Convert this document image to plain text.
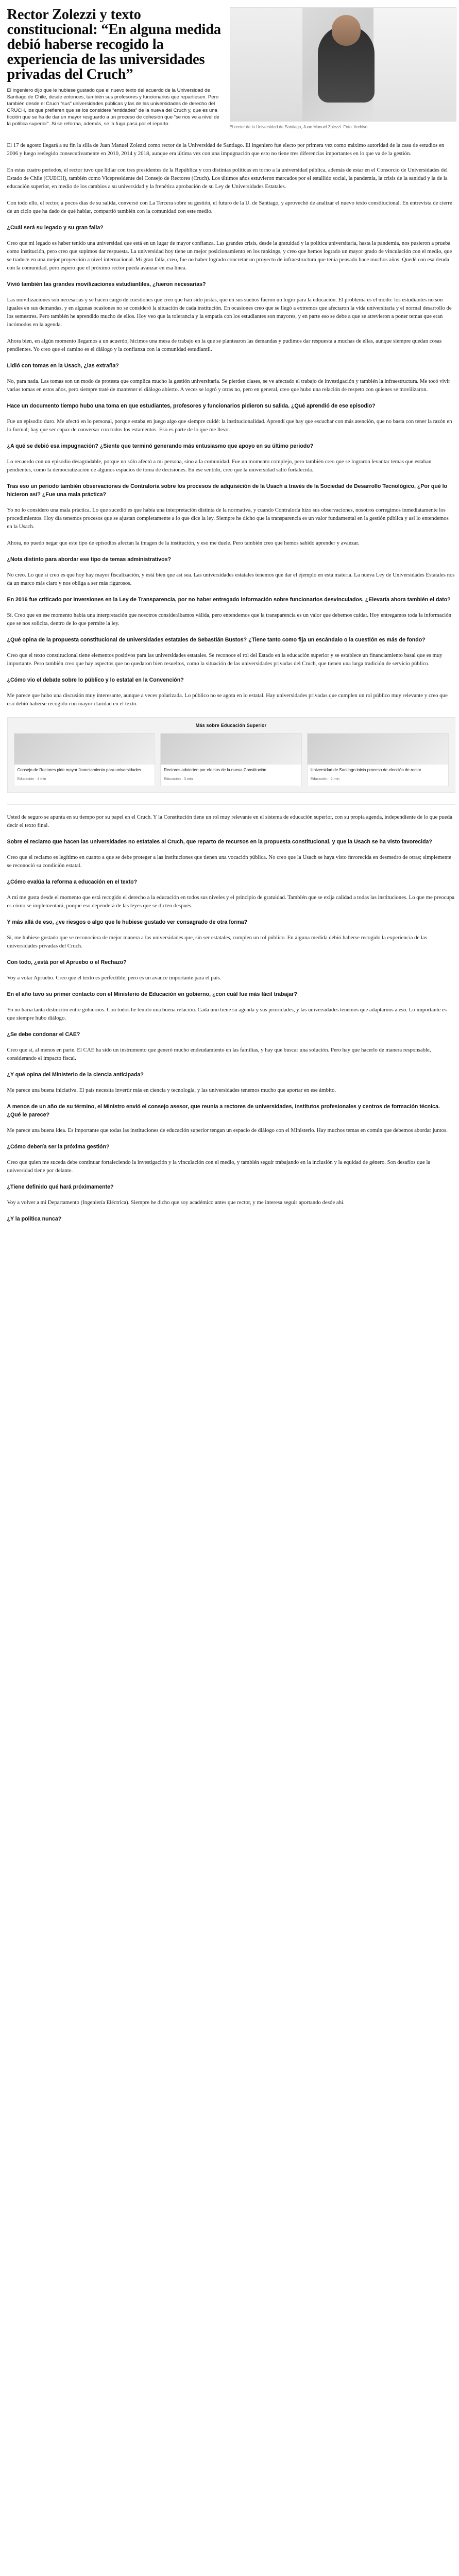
Rector Zolezzi y texto constitucional: “En alguna medida debió haberse recogido la experiencia de las universidades privadas del Cruch”
El ingeniero dijo que le hubiese gustado que el nuevo texto del acuerdo de la Universidad de Santiago de Chile, desde entonces, también sus profesores y funcionarios que repartiesen. Pero también desde el Cruch “sus” universidades públicas y las de las universidades de derecho del CRUCH, los que prefieren que se los considere “entidades” de la nueva del Cruch y, que es una ficción que se ha de dar un mayor resguardo a un proceso de cohesión que “se nos ve a nivel de la política superior”. Si se reforma, además, se la fuga pasa por el reparto.
El rector de la Universidad de Santiago, Juan Manuel Zolezzi. Foto: Archivo
El 17 de agosto llegará a su fin la silla de Juan Manuel Zolezzi como rector de la Universidad de Santiago. El ingeniero fue electo por primera vez como máximo autoridad de la casa de estudios en 2006 y luego reelegido consecutivamente en 2010, 2014 y 2018, aunque era última vez con una impugnación que esto no tiene tres diferencias importantes en lo que va de la gestión.
En estas cuatro periodos, el rector tuvo que lidiar con tres presidentes de la República y con distintas políticas en torno a la universidad pública, además de estar en el Consorcio de Universidades del Estado de Chile (CUECH), también como Vicepresidente del Consejo de Rectores (Cruch). Los últimos años estuvieron marcados por el estallido social, la pandemia, la crisis de la sanidad y la de la educación superior, en medio de los cambios a su universidad y la frenética aprobación de su Ley de Universidades Estatales.
Con todo ello, el rector, a pocos días de su salida, conversó con La Tercera sobre su gestión, el futuro de la U. de Santiago, y aprovechó de analizar el nuevo texto constitucional. En entrevista de cierre de un ciclo que ha dado de qué hablar, compartió también con la comunidad con este medio.
¿Cuál será su legado y su gran falla?
Creo que mi legado es haber tenido una universidad que está en un lugar de mayor confianza. Las grandes crisis, desde la gratuidad y la política universitaria, hasta la pandemia, nos pusieron a prueba como institución, pero creo que supimos dar respuesta. La universidad hoy tiene un mejor posicionamiento en los rankings, y creo que hemos logrado un mayor grado de vinculación con el medio, que se traduce en una mejor proyección a nivel internacional. Mi gran falla, creo, fue no haber logrado concretar un proyecto de infraestructura que tenía pensado hace muchos años. Quedé con esa deuda con la comunidad, pero espero que el próximo rector pueda avanzar en esa línea.
Vivió también las grandes movilizaciones estudiantiles, ¿fueron necesarias?
Las movilizaciones son necesarias y se hacen cargo de cuestiones que creo que han sido justas, que en sus sueños fueron un logro para la educación. El problema es el modo: los estudiantes no son iguales en sus demandas, y en algunas ocasiones no se consideró la situación de cada institución. En ocasiones creo que se llegó a extremos que afectaron la vida universitaria y el normal desarrollo de los semestres. Pero también he aprendido mucho de ellos. Hoy veo que la tolerancia y la empatía con los estudiantes son mayores, y en parte eso se debe a que se atrevieron a poner temas que eran incómodos en la agenda.
Ahora bien, en algún momento llegamos a un acuerdo; hicimos una mesa de trabajo en la que se plantearon las demandas y pudimos dar respuesta a muchas de ellas, aunque siempre quedan cosas pendientes. Yo creo que el camino es el diálogo y la confianza con la comunidad estudiantil.
Lidió con tomas en la Usach, ¿las extraña?
No, para nada. Las tomas son un modo de protesta que complica mucho la gestión universitaria. Se pierden clases, se ve afectado el trabajo de investigación y también la infraestructura. Me tocó vivir varias tomas en estos años, pero siempre traté de mantener el diálogo abierto. A veces se logró y otras no, pero en general, creo que hubo una relación de respeto con quienes se movilizaron.
Hace un documento tiempo hubo una toma en que estudiantes, profesores y funcionarios pidieron su salida. ¿Qué aprendió de ese episodio?
Fue un episodio duro. Me afectó en lo personal, porque estaba en juego algo que siempre cuidé: la institucionalidad. Aprendí que hay que escuchar con más atención, que no basta con tener la razón en lo formal; hay que ser capaz de conversar con todos los estamentos. Eso es parte de lo que me llevo.
¿A qué se debió esa impugnación? ¿Siente que terminó generando más entusiasmo que apoyo en su último periodo?
Lo recuerdo con un episodio desagradable, porque no sólo afectó a mi persona, sino a la comunidad. Fue un momento complejo, pero también creo que se lograron levantar temas que estaban pendientes, como la democratización de algunos espacios de toma de decisiones. En ese sentido, creo que la universidad salió fortalecida.
Tras eso un periodo también observaciones de Contraloría sobre los procesos de adquisición de la Usach a través de la Sociedad de Desarrollo Tecnológico, ¿Por qué lo hicieron así? ¿Fue una mala práctica?
Yo no lo considero una mala práctica. Lo que sucedió es que había una interpretación distinta de la normativa, y cuando Contraloría hizo sus observaciones, nosotros corregimos inmediatamente los procedimientos. Hoy día tenemos procesos que se ajustan completamente a lo que dice la ley. Siempre he dicho que la transparencia es un valor fundamental en la gestión pública y así lo entendemos en la Usach.
Ahora, no puedo negar que este tipo de episodios afectan la imagen de la institución, y eso me duele. Pero también creo que hemos sabido aprender y avanzar.
¿Nota distinto para abordar ese tipo de temas administrativos?
No creo. Lo que sí creo es que hoy hay mayor fiscalización, y está bien que así sea. Las universidades estatales tenemos que dar el ejemplo en esta materia. La nueva Ley de Universidades Estatales nos da un marco más claro y nos obliga a ser más rigurosos.
En 2016 fue criticado por inversiones en la Ley de Transparencia, por no haber entregado información sobre funcionarios desvinculados. ¿Elevaría ahora también el dato?
Sí. Creo que en ese momento había una interpretación que nosotros considerábamos válida, pero entendemos que la transparencia es un valor que debemos cuidar. Hoy entregamos toda la información que se nos solicita, dentro de lo que permite la ley.
¿Qué opina de la propuesta constitucional de universidades estatales de Sebastián Bustos? ¿Tiene tanto como fija un escándalo o la cuestión es más de fondo?
Creo que el texto constitucional tiene elementos positivos para las universidades estatales. Se reconoce el rol del Estado en la educación superior y se establece un financiamiento basal que es muy importante. Pero también creo que hay aspectos que no quedaron bien resueltos, como la situación de las universidades privadas del Cruch, que tienen una larga tradición de servicio público.
¿Cómo vio el debate sobre lo público y lo estatal en la Convención?
Me parece que hubo una discusión muy interesante, aunque a veces polarizada. Lo público no se agota en lo estatal. Hay universidades privadas que cumplen un rol público muy relevante y creo que eso debió haberse recogido con mayor claridad en el texto.
Más sobre Educación Superior
Consejo de Rectores pide mayor financiamiento para universidades
Educación · 4 min
Rectores advierten por efectos de la nueva Constitución
Educación · 3 min
Universidad de Santiago inicia proceso de elección de rector
Educación · 2 min
Usted de seguro se apunta en su tiempo por su papel en el Cruch. Y la Constitución tiene un rol muy relevante en el sistema de educación superior, con su propia agenda, independiente de lo que pueda decir el texto final.
Sobre el reclamo que hacen las universidades no estatales al Cruch, que reparto de recursos en la propuesta constitucional, y que la Usach se ha visto favorecida?
Creo que el reclamo es legítimo en cuanto a que se debe proteger a las instituciones que tienen una vocación pública. No creo que la Usach se haya visto favorecida en desmedro de otras; simplemente se reconoció su condición estatal.
¿Cómo evalúa la reforma a educación en el texto?
A mí me gusta desde el momento que está recogido el derecho a la educación en todos sus niveles y el principio de gratuidad. También que se exija calidad a todas las instituciones. Lo que me preocupa es cómo se implementará, porque eso dependerá de las leyes que se dicten después.
Y más allá de eso, ¿ve riesgos o algo que le hubiese gustado ver consagrado de otra forma?
Sí, me hubiese gustado que se reconociera de mejor manera a las universidades que, sin ser estatales, cumplen un rol público. En alguna medida debió haberse recogido la experiencia de las universidades privadas del Cruch.
Con todo, ¿está por el Apruebo o el Rechazo?
Voy a votar Apruebo. Creo que el texto es perfectible, pero es un avance importante para el país.
En el año tuvo su primer contacto con el Ministerio de Educación en gobierno, ¿con cuál fue más fácil trabajar?
Yo no haría tanta distinción entre gobiernos. Con todos he tenido una buena relación. Cada uno tiene su agenda y sus prioridades, y las universidades tenemos que adaptarnos a eso. Lo importante es que siempre hubo diálogo.
¿Se debe condonar el CAE?
Creo que sí, al menos en parte. El CAE ha sido un instrumento que generó mucho endeudamiento en las familias, y hay que buscar una solución. Pero hay que hacerlo de manera responsable, considerando el impacto fiscal.
¿Y qué opina del Ministerio de la ciencia anticipada?
Me parece una buena iniciativa. El país necesita invertir más en ciencia y tecnología, y las universidades tenemos mucho que aportar en ese ámbito.
A menos de un año de su término, el Ministro envió el consejo asesor, que reunía a rectores de universidades, institutos profesionales y centros de formación técnica. ¿Qué le parece?
Me parece una buena idea. Es importante que todas las instituciones de educación superior tengan un espacio de diálogo con el Ministerio. Hay muchos temas en común que debemos abordar juntos.
¿Cómo debería ser la próxima gestión?
Creo que quien me suceda debe continuar fortaleciendo la investigación y la vinculación con el medio, y también seguir trabajando en la inclusión y la equidad de género. Son desafíos que la universidad tiene por delante.
¿Tiene definido qué hará próximamente?
Voy a volver a mi Departamento (Ingeniería Eléctrica). Siempre he dicho que soy académico antes que rector, y me interesa seguir aportando desde ahí.
¿Y la política nunca?
